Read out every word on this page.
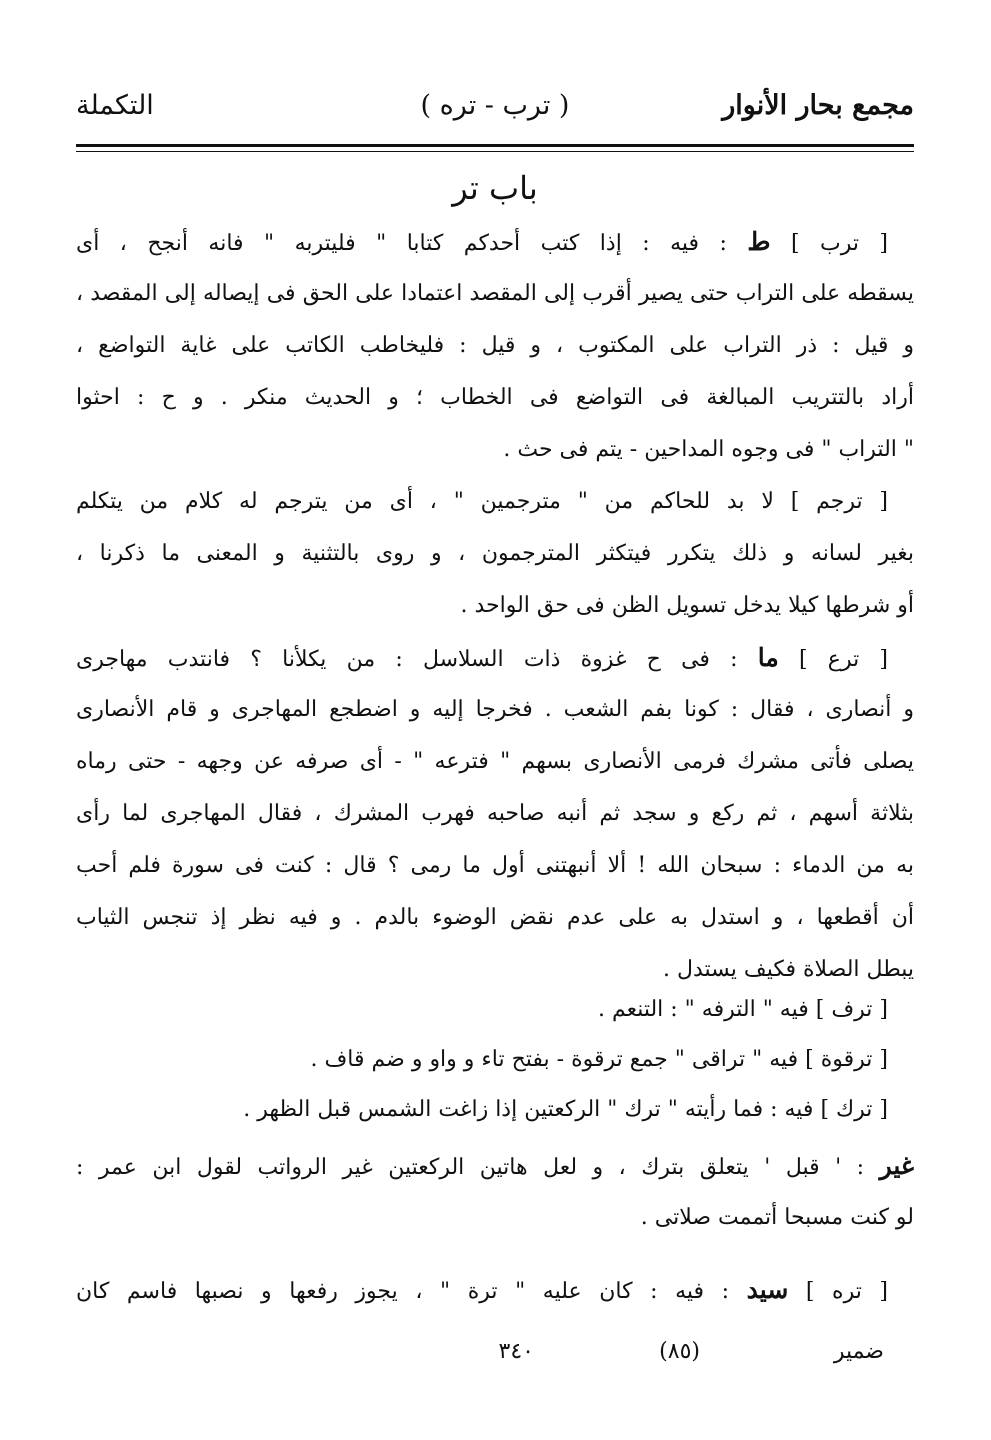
مجمع بحار الأنوار
( ترب - تره )
التكملة
باب تر
[ ترب ] ط : فيه : إذا كتب أحدكم كتابا " فليتربه " فانه أنجح ، أى
يسقطه على التراب حتى يصير أقرب إلى المقصد اعتمادا على الحق فى إيصاله إلى المقصد ،
و قيل : ذر التراب على المكتوب ، و قيل : فليخاطب الكاتب على غاية التواضع ،
أراد بالتتريب المبالغة فى التواضع فى الخطاب ؛ و الحديث منكر . و ح : احثوا
" التراب " فى وجوه المداحين - يتم فى حث .
[ ترجم ] لا بد للحاكم من " مترجمين " ، أى من يترجم له كلام من يتكلم
بغير لسانه و ذلك يتكرر فيتكثر المترجمون ، و روى بالتثنية و المعنى ما ذكرنا ،
أو شرطها كيلا يدخل تسويل الظن فى حق الواحد .
[ ترع ] ما : فى ح غزوة ذات السلاسل : من يكلأنا ؟ فانتدب مهاجرى
و أنصارى ، فقال : كونا بفم الشعب . فخرجا إليه و اضطجع المهاجرى و قام الأنصارى
يصلى فأتى مشرك فرمى الأنصارى بسهم " فترعه " - أى صرفه عن وجهه - حتى رماه
بثلاثة أسهم ، ثم ركع و سجد ثم أنبه صاحبه فهرب المشرك ، فقال المهاجرى لما رأى
به من الدماء : سبحان الله ! ألا أنبهتنى أول ما رمى ؟ قال : كنت فى سورة فلم أحب
أن أقطعها ، و استدل به على عدم نقض الوضوء بالدم . و فيه نظر إذ تنجس الثياب
يبطل الصلاة فكيف يستدل .
[ ترف ] فيه " الترفه " : التنعم .
[ ترقوة ] فيه " تراقى " جمع ترقوة - بفتح تاء و واو و ضم قاف .
[ ترك ] فيه : فما رأيته " ترك " الركعتين إذا زاغت الشمس قبل الظهر .
غير : ' قبل ' يتعلق بترك ، و لعل هاتين الركعتين غير الرواتب لقول ابن عمر :
لو كنت مسبحا أتممت صلاتى .
[ تره ] سيد : فيه : كان عليه " ترة " ، يجوز رفعها و نصبها فاسم كان
ضمير
(٨٥)
٣٤٠
